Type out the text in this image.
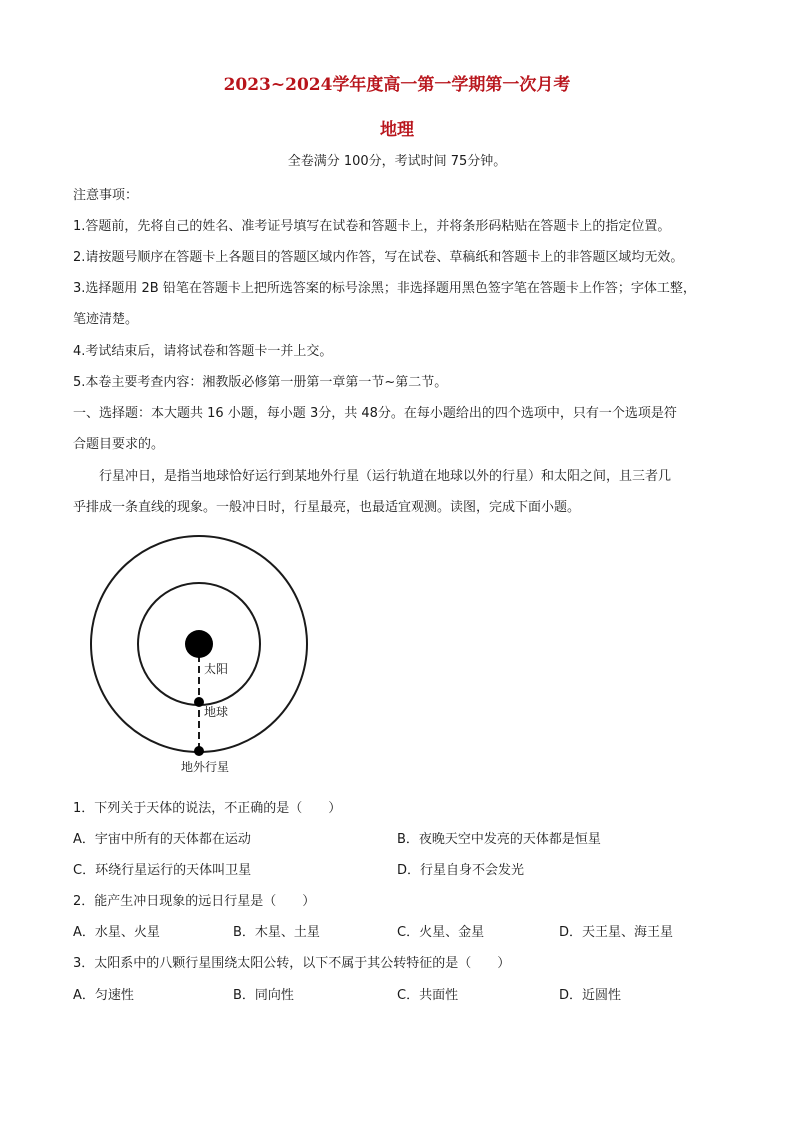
2023~2024学年度高一第一学期第一次月考
地理
全卷满分 100分，考试时间 75分钟。
注意事项：
1.答题前，先将自己的姓名、准考证号填写在试卷和答题卡上，并将条形码粘贴在答题卡上的指定位置。
2.请按题号顺序在答题卡上各题目的答题区域内作答，写在试卷、草稿纸和答题卡上的非答题区域均无效。
3.选择题用 2B 铅笔在答题卡上把所选答案的标号涂黑；非选择题用黑色签字笔在答题卡上作答；字体工整，
笔迹清楚。
4.考试结束后，请将试卷和答题卡一并上交。
5.本卷主要考查内容：湘教版必修第一册第一章第一节~第二节。
一、选择题：本大题共 16 小题，每小题 3分，共 48分。在每小题给出的四个选项中，只有一个选项是符
合题目要求的。
行星冲日，是指当地球恰好运行到某地外行星（运行轨道在地球以外的行星）和太阳之间，且三者几
乎排成一条直线的现象。一般冲日时，行星最亮，也最适宜观测。读图，完成下面小题。
太阳
地球
地外行星
1．下列关于天体的说法，不正确的是（　　）
A．宇宙中所有的天体都在运动	B．夜晚天空中发亮的天体都是恒星
C．环绕行星运行的天体叫卫星	D．行星自身不会发光
2．能产生冲日现象的远日行星是（　　）
A．水星、火星	B．木星、土星	C．火星、金星	D．天王星、海王星
3．太阳系中的八颗行星围绕太阳公转，以下不属于其公转特征的是（　　）
A．匀速性	B．同向性	C．共面性	D．近圆性
